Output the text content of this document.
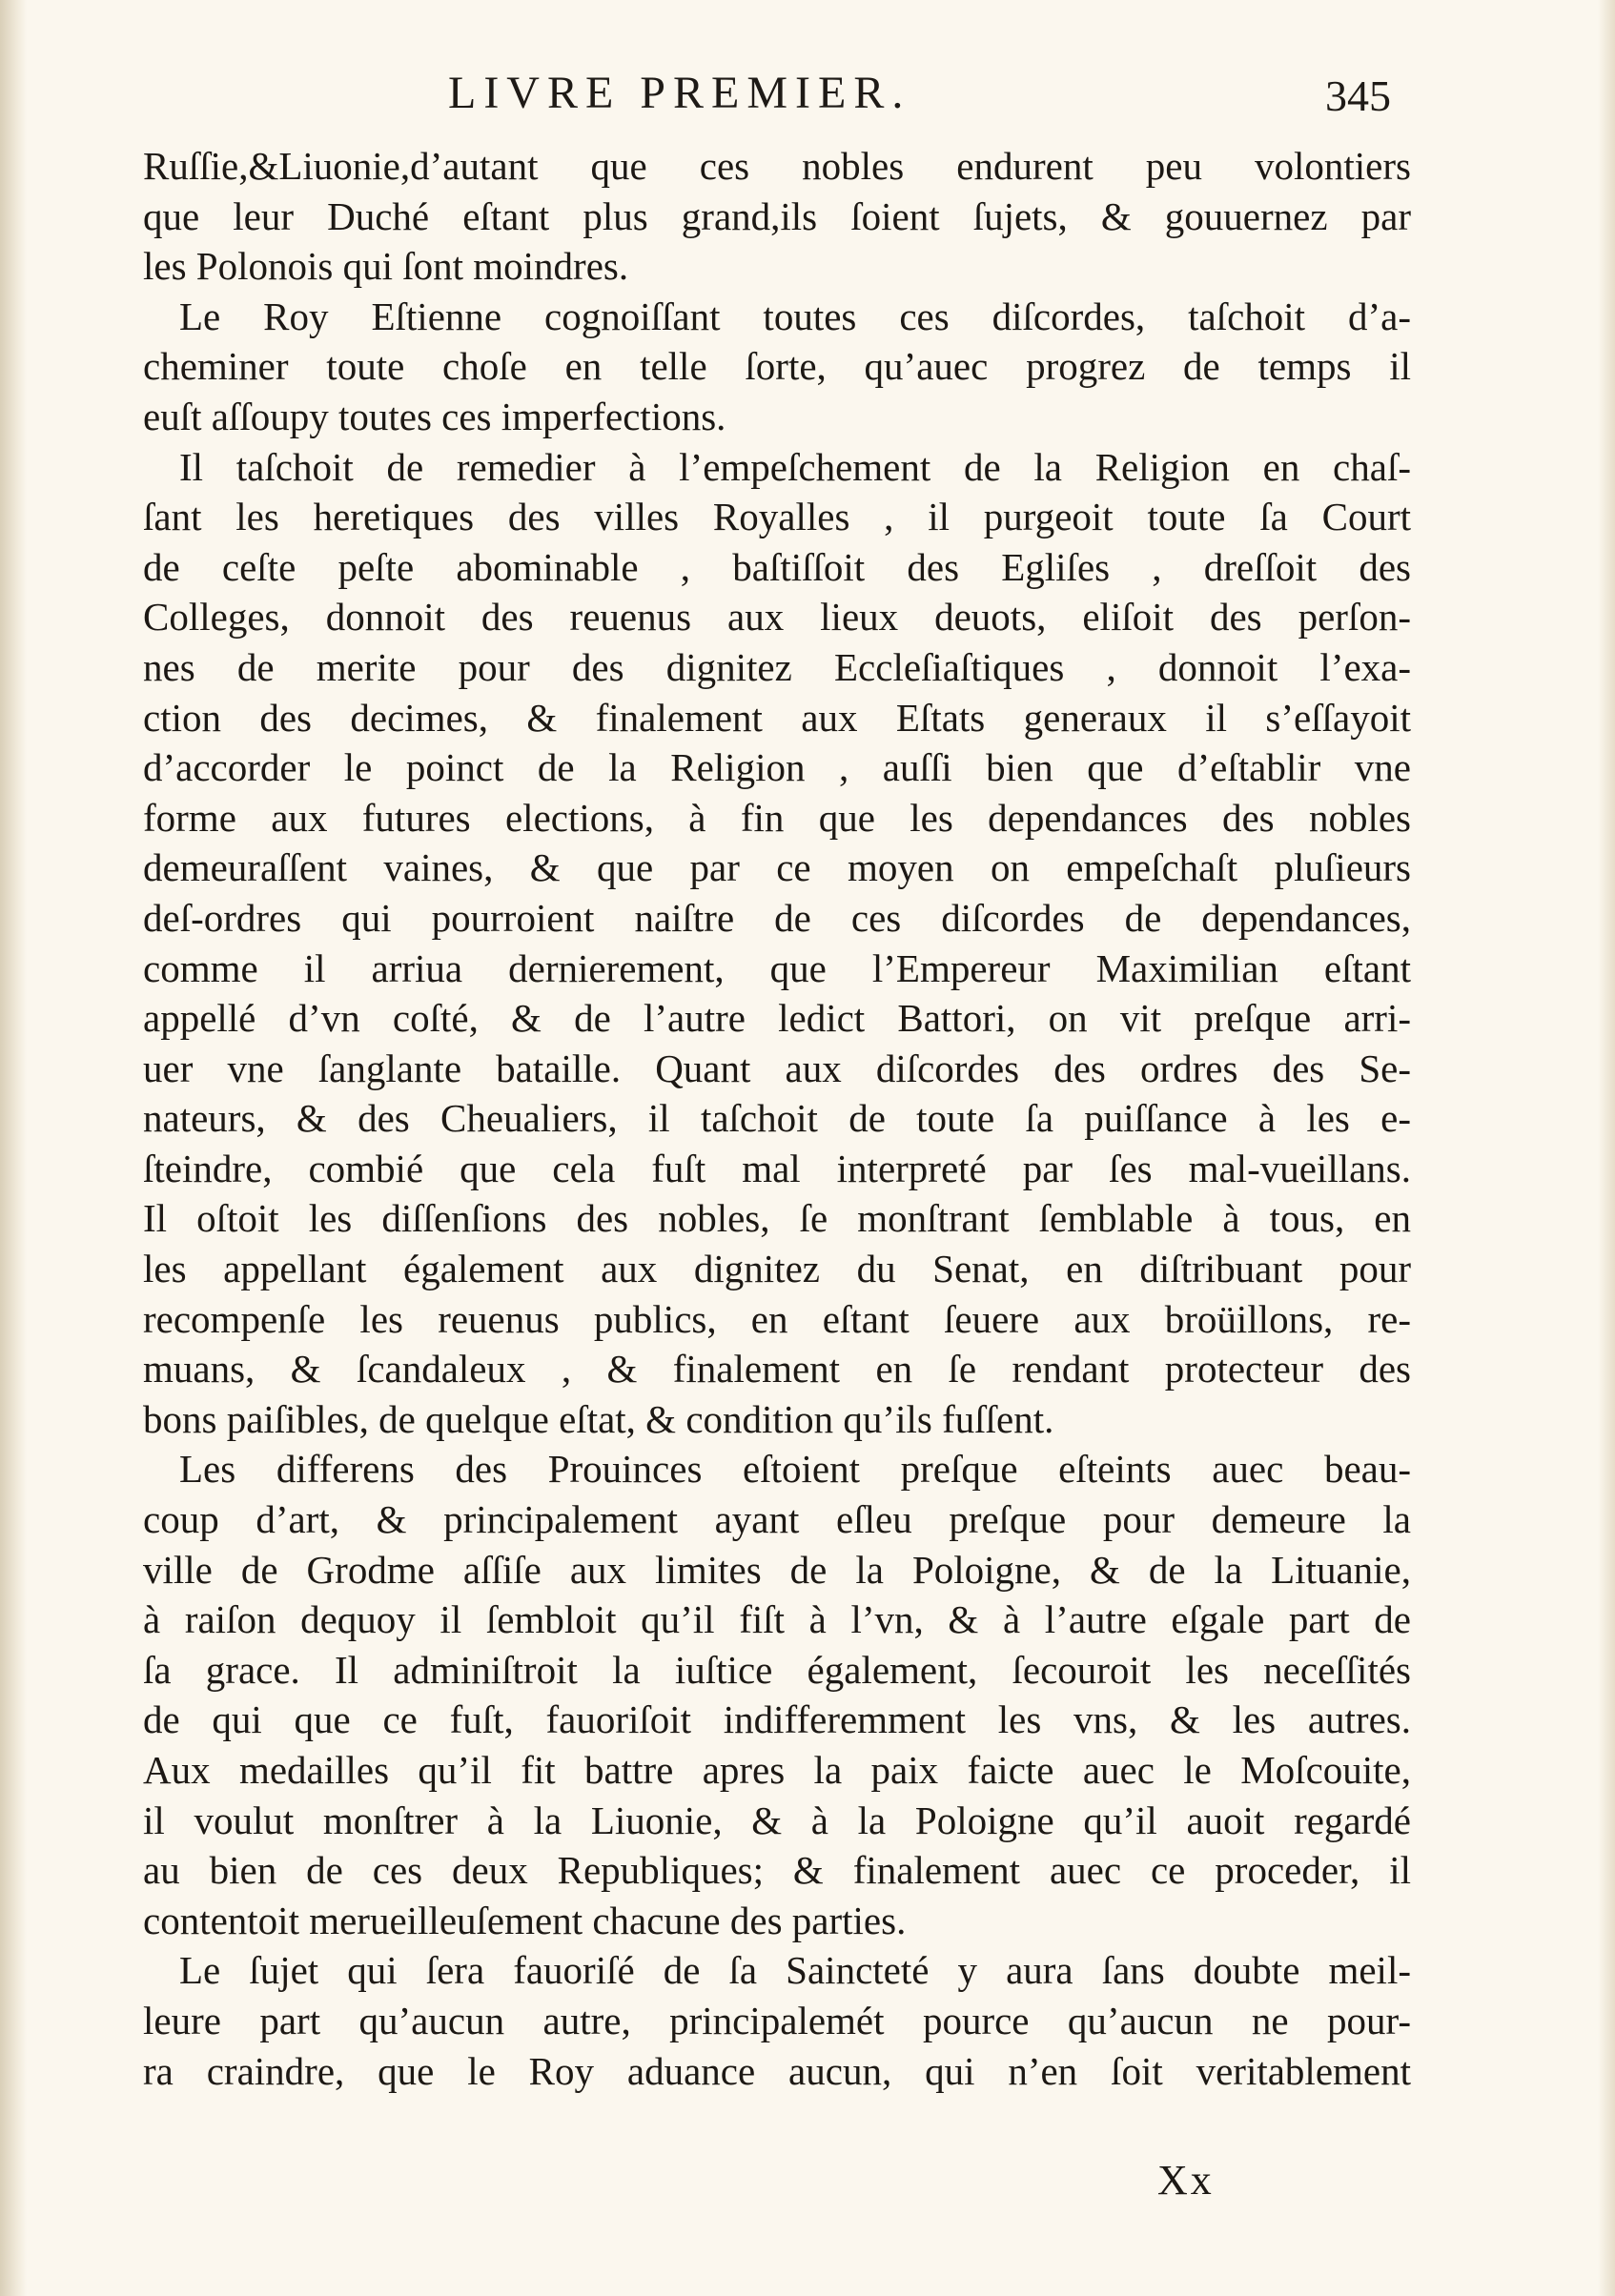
LIVRE PREMIER.	345
Ruſſie,&Liuonie,d’autant que ces nobles endurent peu volontiers
que leur Duché eſtant plus grand,ils ſoient ſujets, & gouuernez par
les Polonois qui ſont moindres.
Le Roy Eſtienne cognoiſſant toutes ces diſcordes, taſchoit d’a-
cheminer toute choſe en telle ſorte, qu’auec progrez de temps il
euſt aſſoupy toutes ces imperfections.
Il taſchoit de remedier à l’empeſchement de la Religion en chaſ-
ſant les heretiques des villes Royalles , il purgeoit toute ſa Court
de ceſte peſte abominable , baſtiſſoit des Egliſes , dreſſoit des
Colleges, donnoit des reuenus aux lieux deuots, eliſoit des perſon-
nes de merite pour des dignitez Eccleſiaſtiques , donnoit l’exa-
ction des decimes, & finalement aux Eſtats generaux il s’eſſayoit
d’accorder le poinct de la Religion , auſſi bien que d’eſtablir vne
forme aux futures elections, à fin que les dependances des nobles
demeuraſſent vaines, & que par ce moyen on empeſchaſt pluſieurs
deſ-ordres qui pourroient naiſtre de ces diſcordes de dependances,
comme il arriua dernierement, que l’Empereur Maximilian eſtant
appellé d’vn coſté, & de l’autre ledict Battori, on vit preſque arri-
uer vne ſanglante bataille. Quant aux diſcordes des ordres des Se-
nateurs, & des Cheualiers, il taſchoit de toute ſa puiſſance à les e-
ſteindre, combié que cela fuſt mal interpreté par ſes mal-vueillans.
Il oſtoit les diſſenſions des nobles, ſe monſtrant ſemblable à tous, en
les appellant également aux dignitez du Senat, en diſtribuant pour
recompenſe les reuenus publics, en eſtant ſeuere aux broüillons, re-
muans, & ſcandaleux , & finalement en ſe rendant protecteur des
bons paiſibles, de quelque eſtat, & condition qu’ils fuſſent.
Les differens des Prouinces eſtoient preſque eſteints auec beau-
coup d’art, & principalement ayant eſleu preſque pour demeure la
ville de Grodme aſſiſe aux limites de la Poloigne, & de la Lituanie,
à raiſon dequoy il ſembloit qu’il fiſt à l’vn, & à l’autre eſgale part de
ſa grace. Il adminiſtroit la iuſtice également, ſecouroit les neceſſités
de qui que ce fuſt, fauoriſoit indifferemment les vns, & les autres.
Aux medailles qu’il fit battre apres la paix faicte auec le Moſcouite,
il voulut monſtrer à la Liuonie, & à la Poloigne qu’il auoit regardé
au bien de ces deux Republiques; & finalement auec ce proceder, il
contentoit merueilleuſement chacune des parties.
Le ſujet qui ſera fauoriſé de ſa Saincteté y aura ſans doubte meil-
leure part qu’aucun autre, principalemét pource qu’aucun ne pour-
ra craindre, que le Roy aduance aucun, qui n’en ſoit veritablement
Xx
